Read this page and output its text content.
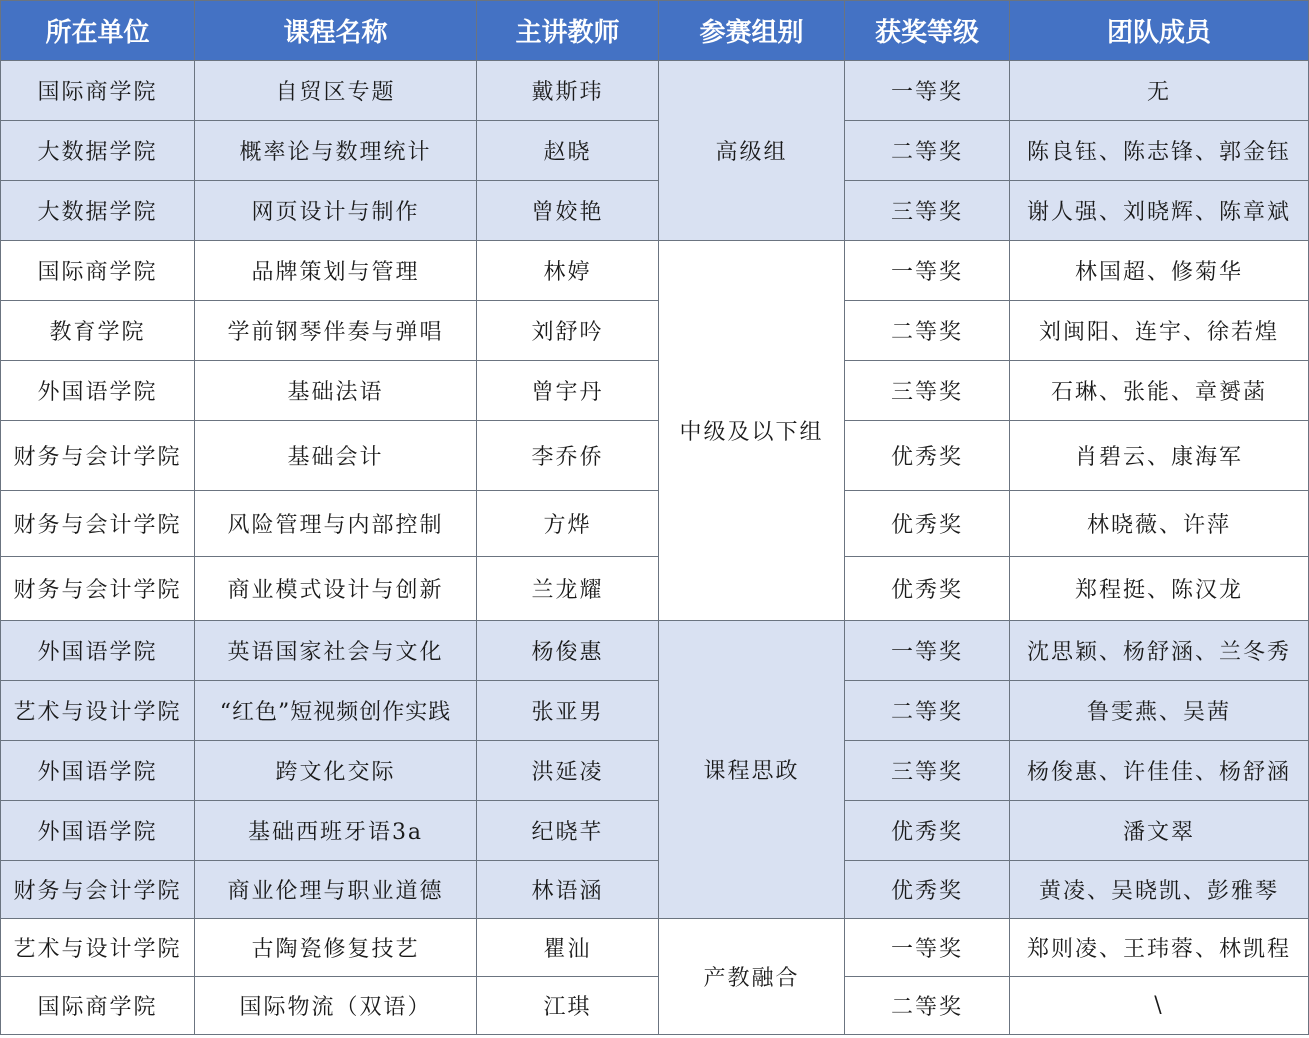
所在单位	课程名称	主讲教师	参赛组别	获奖等级	团队成员
国际商学院	自贸区专题	戴斯玮	高级组	一等奖	无
大数据学院	概率论与数理统计	赵晓		二等奖	陈良钰、陈志锋、郭金钰
大数据学院	网页设计与制作	曾姣艳		三等奖	谢人强、刘晓辉、陈章斌
国际商学院	品牌策划与管理	林婷	中级及以下组	一等奖	林国超、修菊华
教育学院	学前钢琴伴奏与弹唱	刘舒吟		二等奖	刘闽阳、连宇、徐若煌
外国语学院	基础法语	曾宇丹		三等奖	石琳、张能、章赟菡
财务与会计学院	基础会计	李乔侨		优秀奖	肖碧云、康海军
财务与会计学院	风险管理与内部控制	方烨		优秀奖	林晓薇、许萍
财务与会计学院	商业模式设计与创新	兰龙耀		优秀奖	郑程挺、陈汉龙
外国语学院	英语国家社会与文化	杨俊惠	课程思政	一等奖	沈思颖、杨舒涵、兰冬秀
艺术与设计学院	“红色”短视频创作实践	张亚男		二等奖	鲁雯燕、吴茜
外国语学院	跨文化交际	洪延凌		三等奖	杨俊惠、许佳佳、杨舒涵
外国语学院	基础西班牙语3a	纪晓芊		优秀奖	潘文翠
财务与会计学院	商业伦理与职业道德	林语涵		优秀奖	黄凌、吴晓凯、彭雅琴
艺术与设计学院	古陶瓷修复技艺	瞿汕	产教融合	一等奖	郑则凌、王玮蓉、林凯程
国际商学院	国际物流（双语）	江琪		二等奖	\
